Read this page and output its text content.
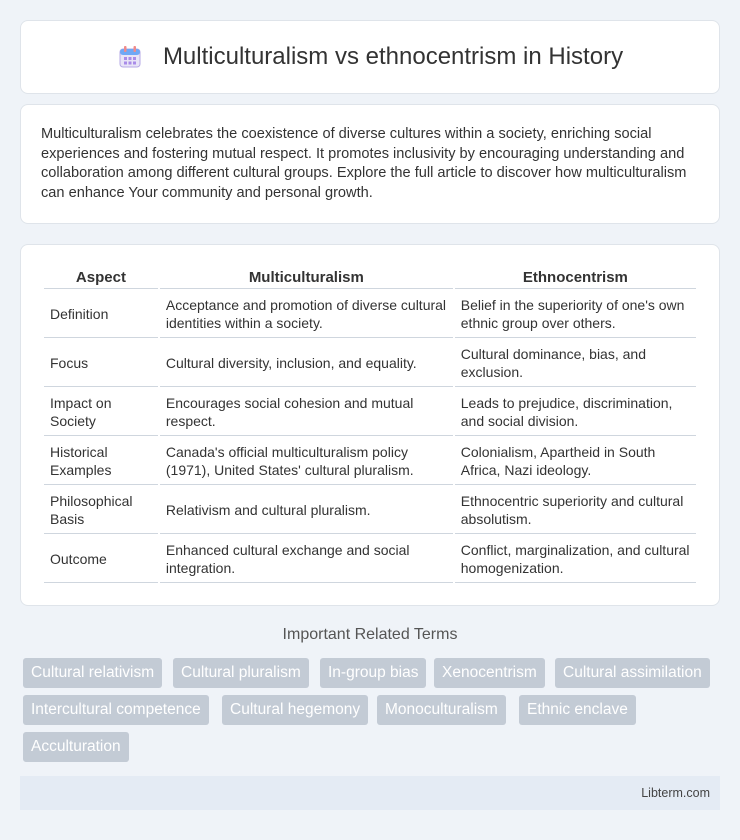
Multiculturalism vs ethnocentrism in History

Multiculturalism celebrates the coexistence of diverse cultures within a society, enriching social experiences and fostering mutual respect. It promotes inclusivity by encouraging understanding and collaboration among different cultural groups. Explore the full article to discover how multiculturalism can enhance Your community and personal growth.

Aspect	Multiculturalism	Ethnocentrism
Definition	Acceptance and promotion of diverse cultural identities within a society.	Belief in the superiority of one's own ethnic group over others.
Focus	Cultural diversity, inclusion, and equality.	Cultural dominance, bias, and exclusion.
Impact on Society	Encourages social cohesion and mutual respect.	Leads to prejudice, discrimination, and social division.
Historical Examples	Canada's official multiculturalism policy (1971), United States' cultural pluralism.	Colonialism, Apartheid in South Africa, Nazi ideology.
Philosophical Basis	Relativism and cultural pluralism.	Ethnocentric superiority and cultural absolutism.
Outcome	Enhanced cultural exchange and social integration.	Conflict, marginalization, and cultural homogenization.
Important Related Terms
Cultural relativism	Cultural pluralism	In-group bias	Xenocentrism	Cultural assimilation
Intercultural competence	Cultural hegemony	Monoculturalism	Ethnic enclave
Acculturation
Libterm.com
